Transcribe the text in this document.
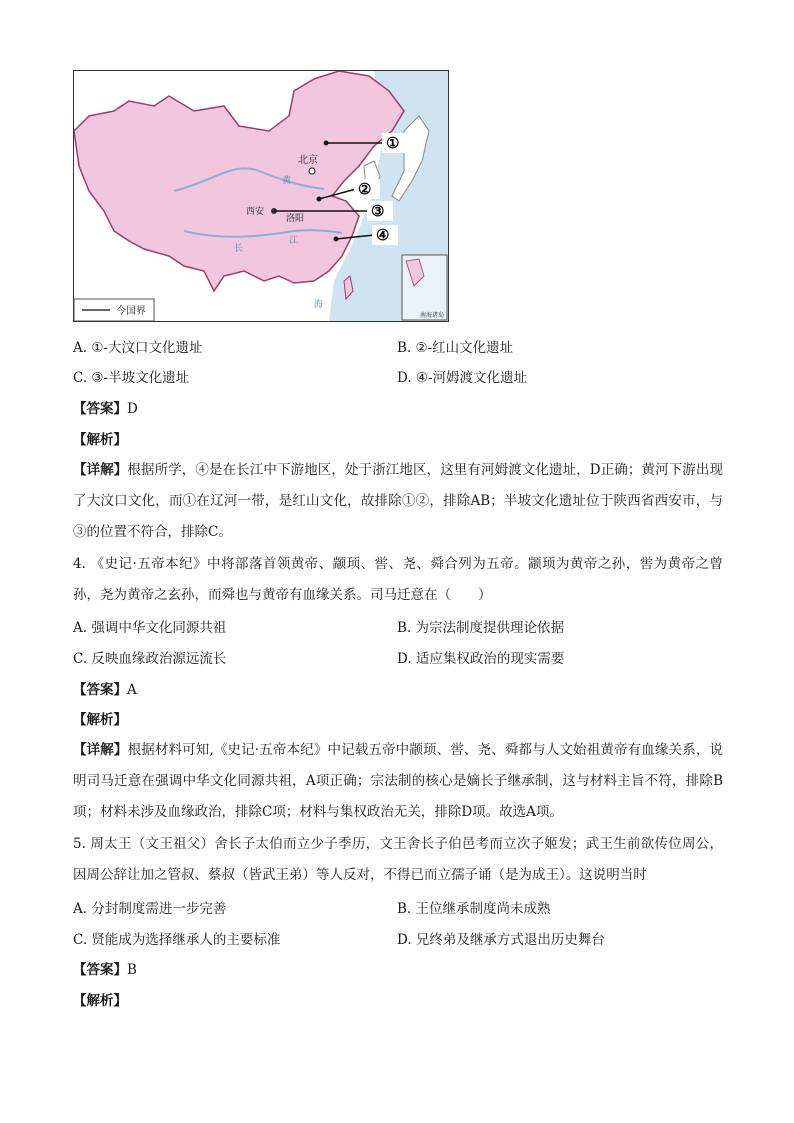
北京
西安
洛阳
黄
长
江
海
①
②
③
④
南海诸岛
今国界
A. ①-大汶口文化遗址	B. ②-红山文化遗址
C. ③-半坡文化遗址	D. ④-河姆渡文化遗址
【答案】D
【解析】
【详解】根据所学，④是在长江中下游地区，处于浙江地区，这里有河姆渡文化遗址，D正确；黄河下游出现了大汶口文化，而①在辽河一带，是红山文化，故排除①②，排除AB；半坡文化遗址位于陕西省西安市，与③的位置不符合，排除C。
4. 《史记·五帝本纪》中将部落首领黄帝、颛顼、喾、尧、舜合列为五帝。颛顼为黄帝之孙，喾为黄帝之曾孙，尧为黄帝之玄孙，而舜也与黄帝有血缘关系。司马迁意在（　　）
A. 强调中华文化同源共祖	B. 为宗法制度提供理论依据
C. 反映血缘政治源远流长	D. 适应集权政治的现实需要
【答案】A
【解析】
【详解】根据材料可知,《史记·五帝本纪》中记载五帝中颛顼、喾、尧、舜都与人文始祖黄帝有血缘关系，说明司马迁意在强调中华文化同源共祖，A项正确；宗法制的核心是嫡长子继承制，这与材料主旨不符，排除B项；材料未涉及血缘政治，排除C项；材料与集权政治无关，排除D项。故选A项。
5. 周太王（文王祖父）舍长子太伯而立少子季历，文王舍长子伯邑考而立次子姬发；武王生前欲传位周公，因周公辞让加之管叔、蔡叔（皆武王弟）等人反对，不得已而立孺子诵（是为成王）。这说明当时
A. 分封制度需进一步完善	B. 王位继承制度尚未成熟
C. 贤能成为选择继承人的主要标准	D. 兄终弟及继承方式退出历史舞台
【答案】B
【解析】
